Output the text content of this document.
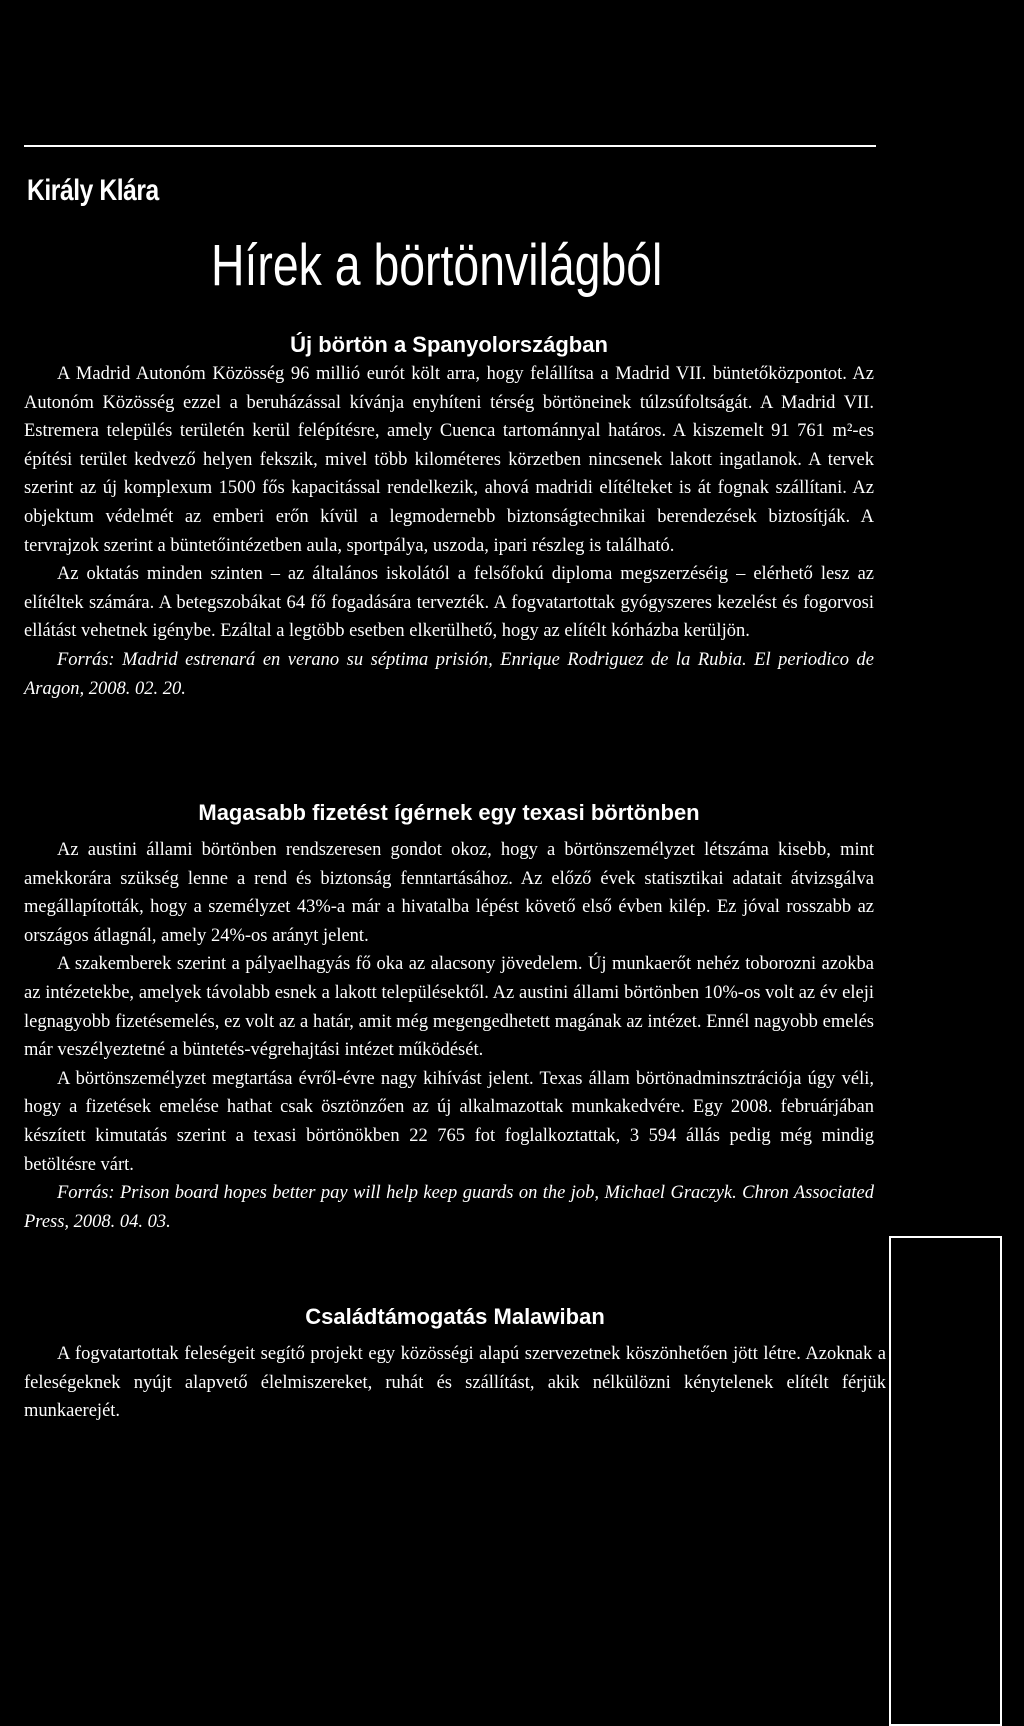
Király Klára
Hírek a börtönvilágból
Új börtön a Spanyolországban

A Madrid Autonóm Közösség 96 millió eurót költ arra, hogy felállítsa a Madrid VII. büntetőközpontot. Az Autonóm Közösség ezzel a beruházással kívánja enyhíteni térség börtöneinek túlzsúfoltságát. A Madrid VII. Estremera település területén kerül felépítésre, amely Cuenca tartománnyal határos. A kiszemelt 91 761 m²-es építési terület kedvező helyen fekszik, mivel több kilométeres körzetben nincsenek lakott ingatlanok. A tervek szerint az új komplexum 1500 fős kapacitással rendelkezik, ahová madridi elítélteket is át fognak szállítani. Az objektum védelmét az emberi erőn kívül a legmodernebb biztonságtechnikai berendezések biztosítják. A tervrajzok szerint a büntetőintézetben aula, sportpálya, uszoda, ipari részleg is található.

Az oktatás minden szinten – az általános iskolától a felsőfokú diploma megszerzéséig – elérhető lesz az elítéltek számára. A betegszobákat 64 fő fogadására tervezték. A fogvatartottak gyógyszeres kezelést és fogorvosi ellátást vehetnek igénybe. Ezáltal a legtöbb esetben elkerülhető, hogy az elítélt kórházba kerüljön.

Forrás: Madrid estrenará en verano su séptima prisión, Enrique Rodriguez de la Rubia. El periodico de Aragon, 2008. 02. 20.

Magasabb fizetést ígérnek egy texasi börtönben

Az austini állami börtönben rendszeresen gondot okoz, hogy a börtönszemélyzet létszáma kisebb, mint amekkorára szükség lenne a rend és biztonság fenntartásához. Az előző évek statisztikai adatait átvizsgálva megállapították, hogy a személyzet 43%-a már a hivatalba lépést követő első évben kilép. Ez jóval rosszabb az országos átlagnál, amely 24%-os arányt jelent.

A szakemberek szerint a pályaelhagyás fő oka az alacsony jövedelem. Új munkaerőt nehéz toborozni azokba az intézetekbe, amelyek távolabb esnek a lakott településektől. Az austini állami börtönben 10%-os volt az év eleji legnagyobb fizetésemelés, ez volt az a határ, amit még megengedhetett magának az intézet. Ennél nagyobb emelés már veszélyeztetné a büntetés-végrehajtási intézet működését.

A börtönszemélyzet megtartása évről-évre nagy kihívást jelent. Texas állam börtönadminsztrációja úgy véli, hogy a fizetések emelése hathat csak ösztönzően az új alkalmazottak munkakedvére. Egy 2008. februárjában készített kimutatás szerint a texasi börtönökben 22 765 fot foglalkoztattak, 3 594 állás pedig még mindig betöltésre várt.

Forrás: Prison board hopes better pay will help keep guards on the job, Michael Graczyk. Chron Associated Press, 2008. 04. 03.

Családtámogatás Malawiban

A fogvatartottak feleségeit segítő projekt egy közösségi alapú szervezetnek köszönhetően jött létre. Azoknak a feleségeknek nyújt alapvető élelmiszereket, ruhát és szállítást, akik nélkülözni kénytelenek elítélt férjük munkaerejét.
